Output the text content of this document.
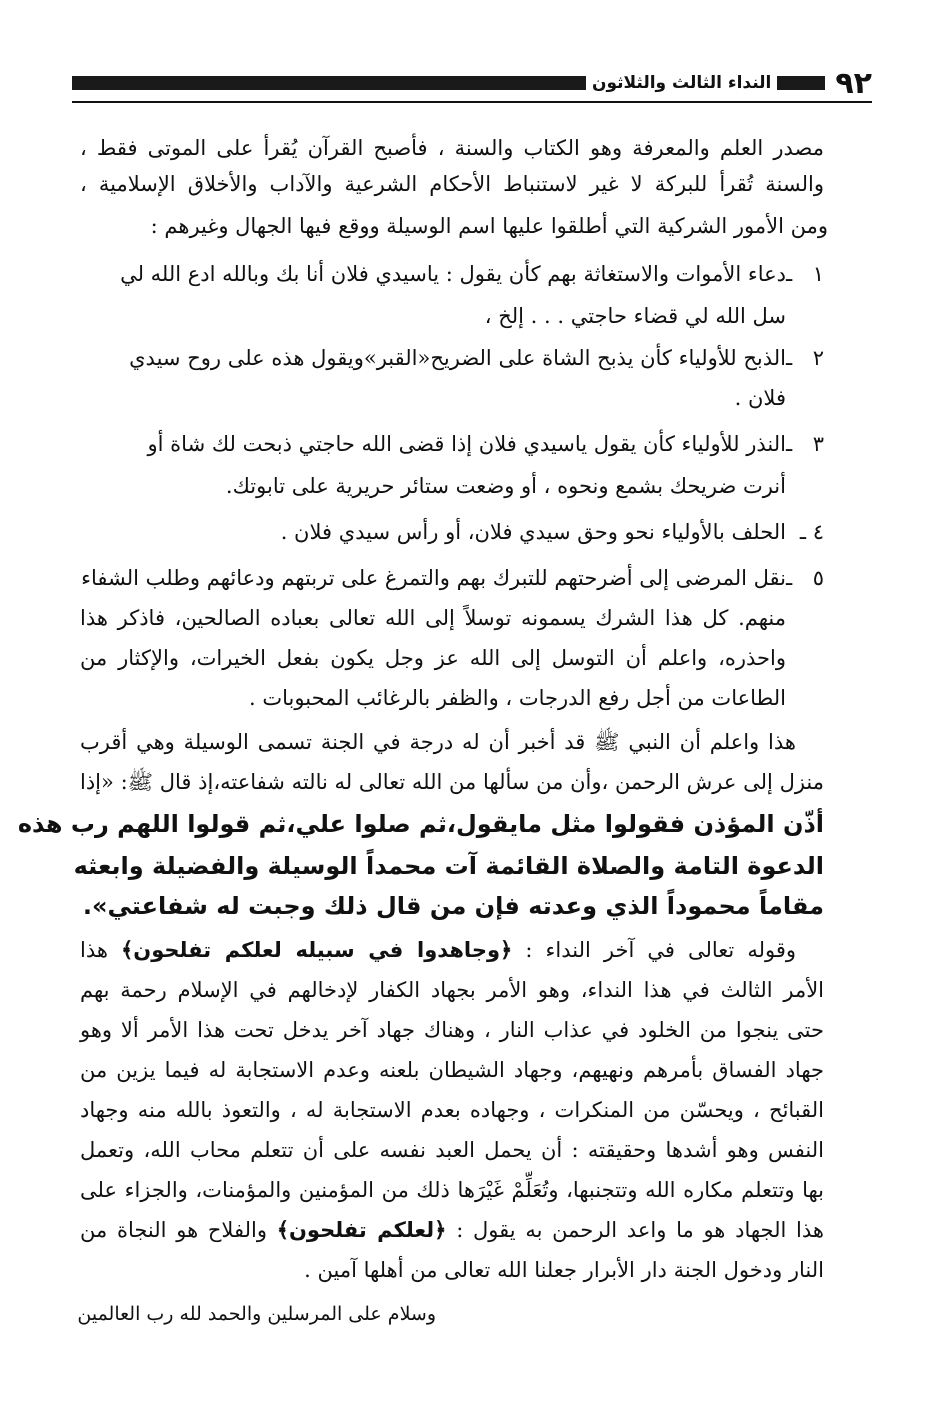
٩٢
النداء الثالث والثلاثون
مصدر العلم والمعرفة وهو الكتاب والسنة ، فأصبح القرآن يُقرأ على الموتى فقط ،
والسنة تُقرأ للبركة لا غير لاستنباط الأحكام الشرعية والآداب والأخلاق الإسلامية ،
ومن الأمور الشركية التي أطلقوا عليها اسم الوسيلة ووقع فيها الجهال وغيرهم :
١ ـ
دعاء الأموات والاستغاثة بهم كأن يقول : ياسيدي فلان أنا بك وبالله ادع الله لي
سل الله لي قضاء حاجتي . . . إلخ ،
٢ ـ
الذبح للأولياء كأن يذبح الشاة على الضريح«القبر»ويقول هذه على روح سيدي
فلان .
٣ ـ
النذر للأولياء كأن يقول ياسيدي فلان إذا قضى الله حاجتي ذبحت لك شاة أو
أنرت ضريحك بشمع ونحوه ، أو وضعت ستائر حريرية على تابوتك.
٤ ـ
الحلف بالأولياء نحو وحق سيدي فلان، أو رأس سيدي فلان .
٥ ـ
نقل المرضى إلى أضرحتهم للتبرك بهم والتمرغ على تربتهم ودعائهم وطلب الشفاء
منهم. كل هذا الشرك يسمونه توسلاً إلى الله تعالى بعباده الصالحين، فاذكر هذا
واحذره، واعلم أن التوسل إلى الله عز وجل يكون بفعل الخيرات، والإكثار من
الطاعات من أجل رفع الدرجات ، والظفر بالرغائب المحبوبات .
هذا واعلم أن النبي ﷺ قد أخبر أن له درجة في الجنة تسمى الوسيلة وهي أقرب
منزل إلى عرش الرحمن ،وأن من سألها من الله تعالى له نالته شفاعته،إذ قال ﷺ: «إذا
أذّن المؤذن فقولوا مثل مايقول،ثم صلوا علي،ثم قولوا اللهم رب هذه
الدعوة التامة والصلاة القائمة آت محمداً الوسيلة والفضيلة وابعثه
مقاماً محموداً الذي وعدته فإن من قال ذلك وجبت له شفاعتي».
وقوله تعالى في آخر النداء : ﴿وجاهدوا في سبيله لعلكم تفلحون﴾ هذا
الأمر الثالث في هذا النداء، وهو الأمر بجهاد الكفار لإدخالهم في الإسلام رحمة بهم
حتى ينجوا من الخلود في عذاب النار ، وهناك جهاد آخر يدخل تحت هذا الأمر ألا وهو
جهاد الفساق بأمرهم ونهيهم، وجهاد الشيطان بلعنه وعدم الاستجابة له فيما يزين من
القبائح ، ويحسّن من المنكرات ، وجهاده بعدم الاستجابة له ، والتعوذ بالله منه وجهاد
النفس وهو أشدها وحقيقته : أن يحمل العبد نفسه على أن تتعلم محاب الله، وتعمل
بها وتتعلم مكاره الله وتتجنبها، وتُعَلِّمْ غَيْرَها ذلك من المؤمنين والمؤمنات، والجزاء على
هذا الجهاد هو ما واعد الرحمن به يقول : ﴿لعلكم تفلحون﴾ والفلاح هو النجاة من
النار ودخول الجنة دار الأبرار جعلنا الله تعالى من أهلها آمين .
وسلام على المرسلين والحمد لله رب العالمين
